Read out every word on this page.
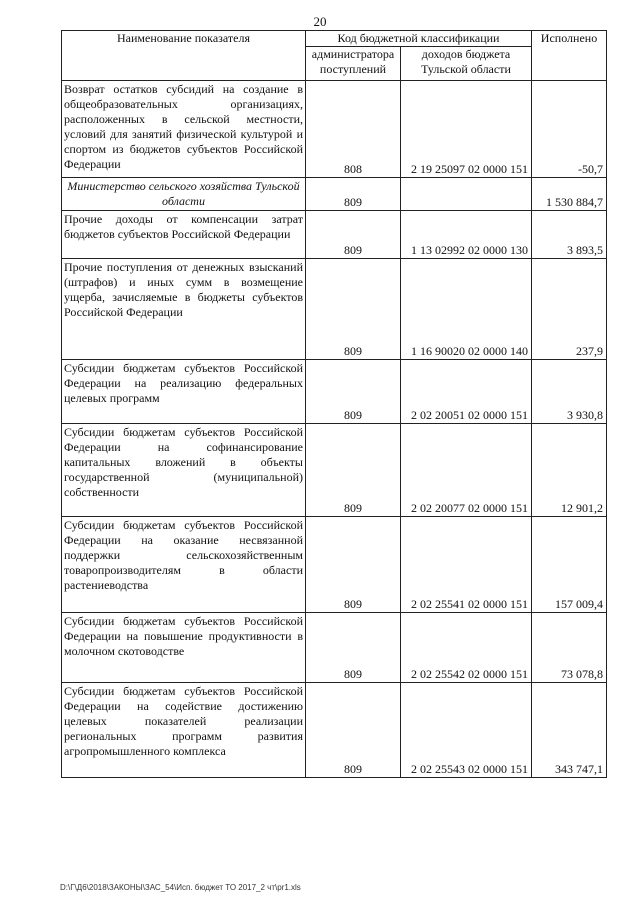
20
Наименование показателя	Код бюджетной классификации		Исполнено
	администратора поступлений	доходов бюджета Тульской области	
Возврат остатков субсидий на создание в общеобразовательных организациях, расположенных в сельской местности, условий для занятий физической культурой и спортом из бюджетов субъектов Российской Федерации	808	2 19 25097 02 0000 151	-50,7
Министерство сельского хозяйства Тульской области	809		1 530 884,7
Прочие доходы от компенсации затрат бюджетов субъектов Российской Федерации	809	1 13 02992 02 0000 130	3 893,5
Прочие поступления от денежных взысканий (штрафов) и иных сумм в возмещение ущерба, зачисляемые в бюджеты субъектов Российской Федерации	809	1 16 90020 02 0000 140	237,9
Субсидии бюджетам субъектов Российской Федерации на реализацию федеральных целевых программ	809	2 02 20051 02 0000 151	3 930,8
Субсидии бюджетам субъектов Российской Федерации на софинансирование капитальных вложений в объекты государственной (муниципальной) собственности	809	2 02 20077 02 0000 151	12 901,2
Субсидии бюджетам субъектов Российской Федерации на оказание несвязанной поддержки сельскохозяйственным товаропроизводителям в области растениеводства	809	2 02 25541 02 0000 151	157 009,4
Субсидии бюджетам субъектов Российской Федерации на повышение продуктивности в молочном скотоводстве	809	2 02 25542 02 0000 151	73 078,8
Субсидии бюджетам субъектов Российской Федерации на содействие достижению целевых показателей реализации региональных программ развития агропромышленного комплекса	809	2 02 25543 02 0000 151	343 747,1
D:\Г\Д6\2018\ЗАКОНЫ\ЗАС_54\Исп. бюджет ТО 2017_2 чт\pr1.xls
